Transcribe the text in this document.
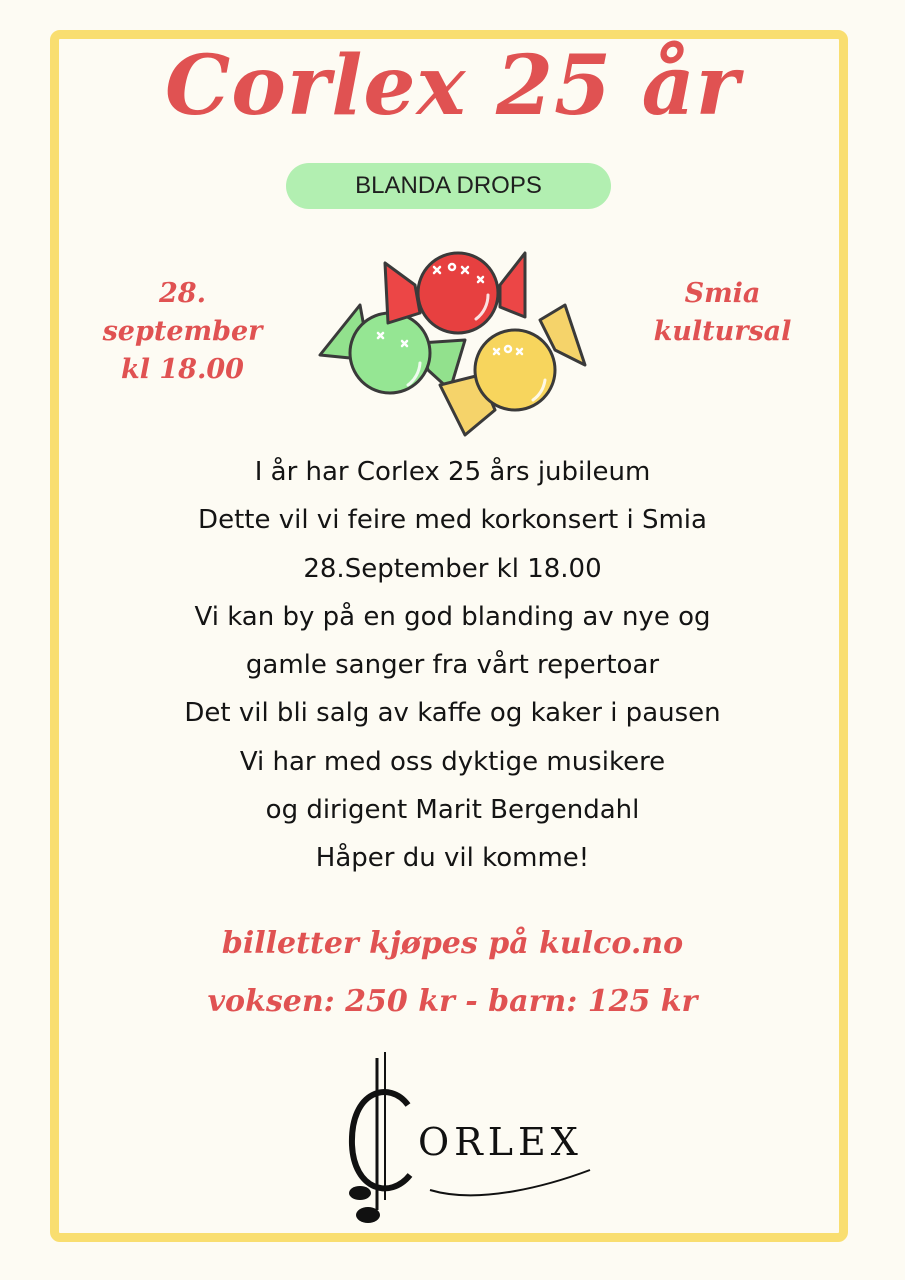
Corlex 25 år
BLANDA DROPS
28. september
kl 18.00
Smia
kultursal
I år har Corlex 25 års jubileum
Dette vil vi feire med korkonsert i Smia
28.September kl 18.00
Vi kan by på en god blanding av nye og
gamle sanger fra vårt repertoar
Det vil bli salg av kaffe og kaker i pausen
Vi har med oss dyktige musikere
og dirigent Marit Bergendahl
Håper du vil komme!
billetter kjøpes på kulco.no
voksen: 250 kr - barn: 125 kr
ORLEX
